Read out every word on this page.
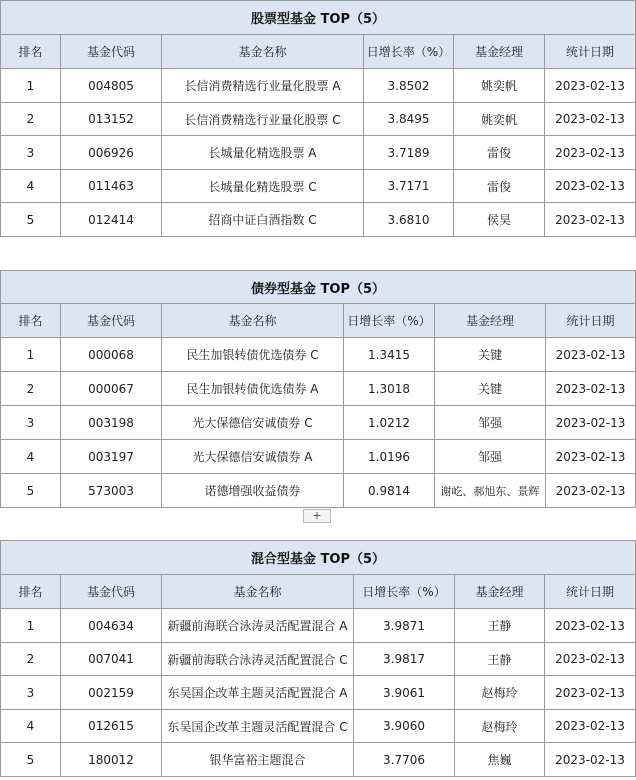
股票型基金 TOP（5）					
排名	基金代码	基金名称	日增长率（%）	基金经理	统计日期
1	004805	长信消费精选行业量化股票 A	3.8502	姚奕帆	2023-02-13
2	013152	长信消费精选行业量化股票 C	3.8495	姚奕帆	2023-02-13
3	006926	长城量化精选股票 A	3.7189	雷俊	2023-02-13
4	011463	长城量化精选股票 C	3.7171	雷俊	2023-02-13
5	012414	招商中证白酒指数 C	3.6810	侯昊	2023-02-13
债券型基金 TOP（5）					
排名	基金代码	基金名称	日增长率（%）	基金经理	统计日期
1	000068	民生加银转债优选债券 C	1.3415	关键	2023-02-13
2	000067	民生加银转债优选债券 A	1.3018	关键	2023-02-13
3	003198	光大保德信安诚债券 C	1.0212	邹强	2023-02-13
4	003197	光大保德信安诚债券 A	1.0196	邹强	2023-02-13
5	573003	诺德增强收益债券	0.9814	谢屹、郝旭东、景辉	2023-02-13
+
混合型基金 TOP（5）					
排名	基金代码	基金名称	日增长率（%）	基金经理	统计日期
1	004634	新疆前海联合泳涛灵活配置混合 A	3.9871	王静	2023-02-13
2	007041	新疆前海联合泳涛灵活配置混合 C	3.9817	王静	2023-02-13
3	002159	东吴国企改革主题灵活配置混合 A	3.9061	赵梅玲	2023-02-13
4	012615	东吴国企改革主题灵活配置混合 C	3.9060	赵梅玲	2023-02-13
5	180012	银华富裕主题混合	3.7706	焦巍	2023-02-13
